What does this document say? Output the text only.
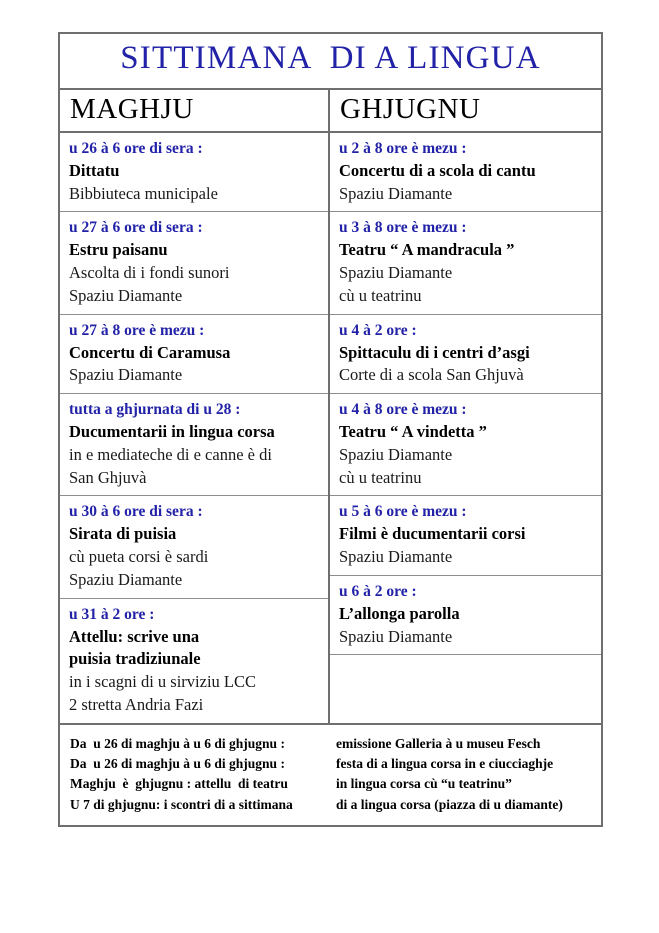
SITTIMANA  DI A LINGUA
MAGHJU	GHJUGNU
u 26 à 6 ore di sera :
Dittatu
Bibbiuteca municipale
u 27 à 6 ore di sera :
Estru paisanu
Ascolta di i fondi sunori
Spaziu Diamante
u 27 à 8 ore è mezu :
Concertu di Caramusa
Spaziu Diamante
tutta a ghjurnata di u 28 :
Ducumentarii in lingua corsa
in e mediateche di e canne è di
San Ghjuvà
u 30 à 6 ore di sera :
Sirata di puisia
cù pueta corsi è sardi
Spaziu Diamante
u 31 à 2 ore :
Attellu: scrive una
puisia tradiziunale
in i scagni di u sirviziu LCC
2 stretta Andria Fazi
u 2 à 8 ore è mezu :
Concertu di a scola di cantu
Spaziu Diamante
u 3 à 8 ore è mezu :
Teatru “ A mandracula ”
Spaziu Diamante
cù u teatrinu
u 4 à 2 ore :
Spittaculu di i centri d’asgi
Corte di a scola San Ghjuvà
u 4 à 8 ore è mezu :
Teatru “ A vindetta ”
Spaziu Diamante
cù u teatrinu
u 5 à 6 ore è mezu :
Filmi è ducumentarii corsi
Spaziu Diamante
u 6 à 2 ore :
L’allonga parolla
Spaziu Diamante
Da  u 26 di maghju à u 6 di ghjugnu :
Da  u 26 di maghju à u 6 di ghjugnu :
Maghju  è  ghjugnu : attellu  di teatru
U 7 di ghjugnu: i scontri di a sittimana
emissione Galleria à u museu Fesch
festa di a lingua corsa in e ciucciaghje
in lingua corsa cù “u teatrinu”
di a lingua corsa (piazza di u diamante)
